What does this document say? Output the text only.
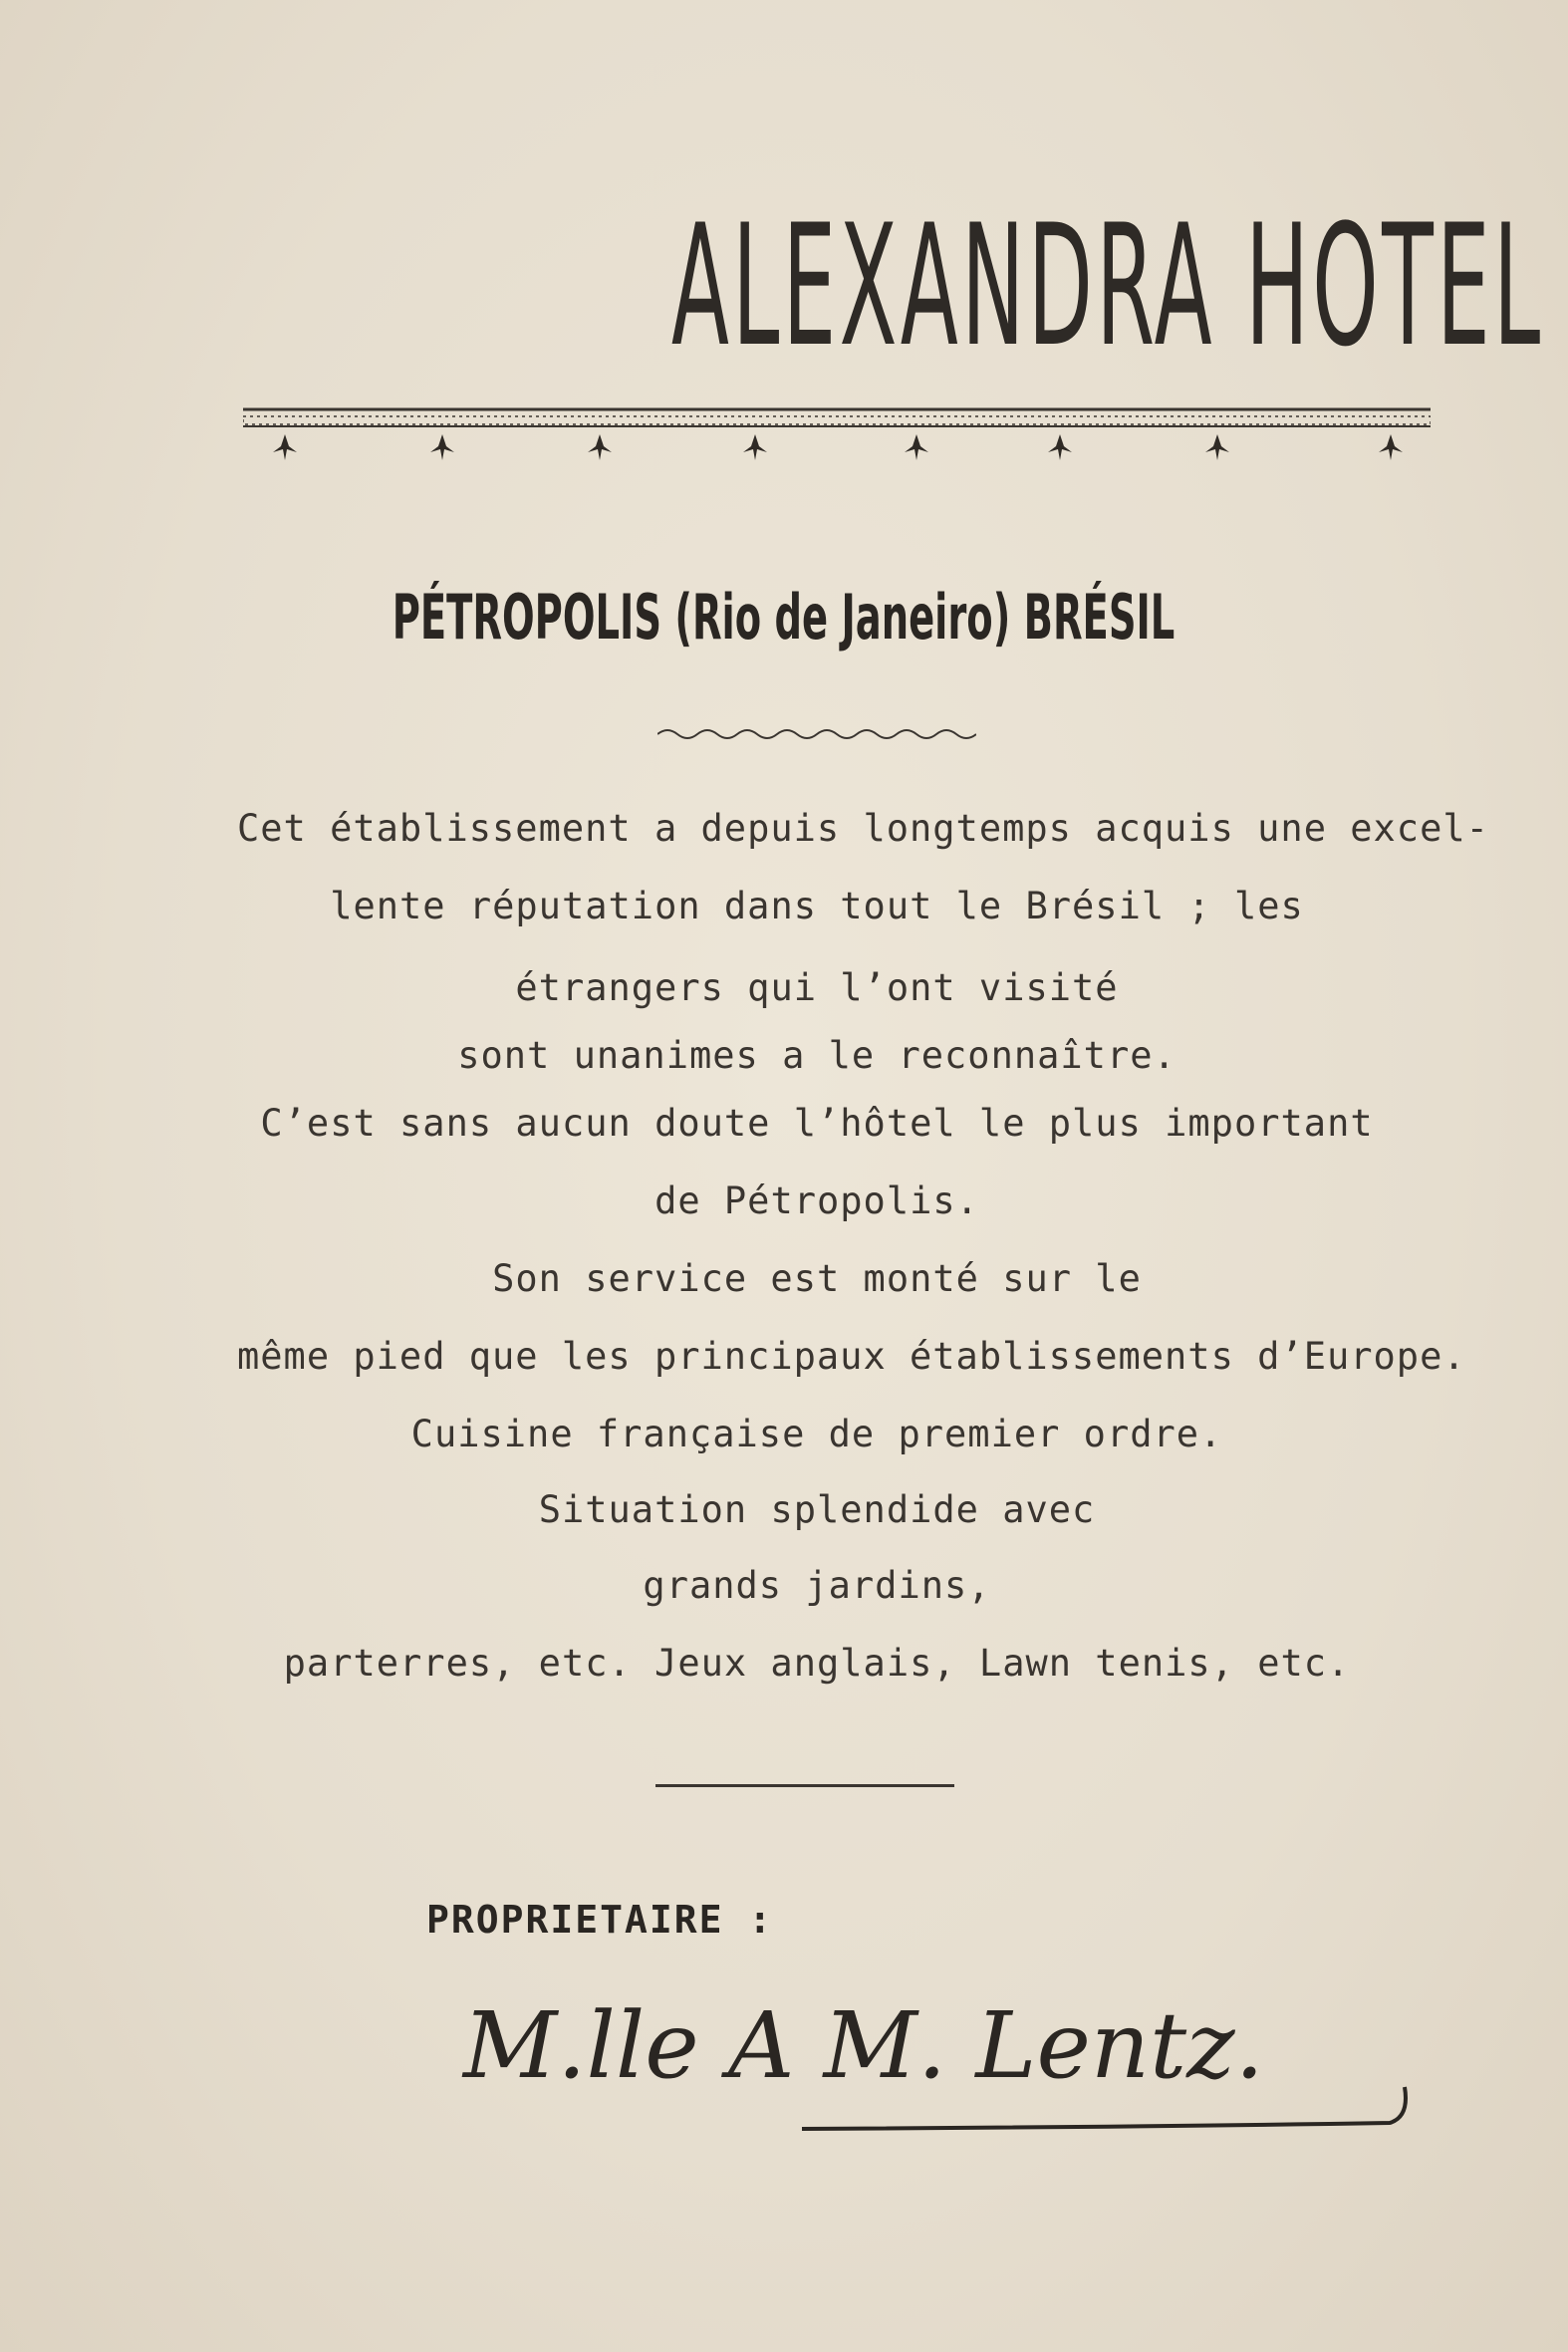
ALEXANDRA HOTEL
PÉTROPOLIS (Rio de Janeiro) BRÉSIL
Cet établissement a depuis longtemps acquis une excel-
lente réputation dans tout le Brésil ; les
étrangers qui l’ont visité
sont unanimes a le reconnaître.
C’est sans aucun doute l’hôtel le plus important
de Pétropolis.
Son service est monté sur le
même pied que les principaux établissements d’Europe.
Cuisine française de premier ordre.
Situation splendide avec
grands jardins,
parterres, etc. Jeux anglais, Lawn tenis, etc.
PROPRIETAIRE :
M.lle A M. Lentz.
